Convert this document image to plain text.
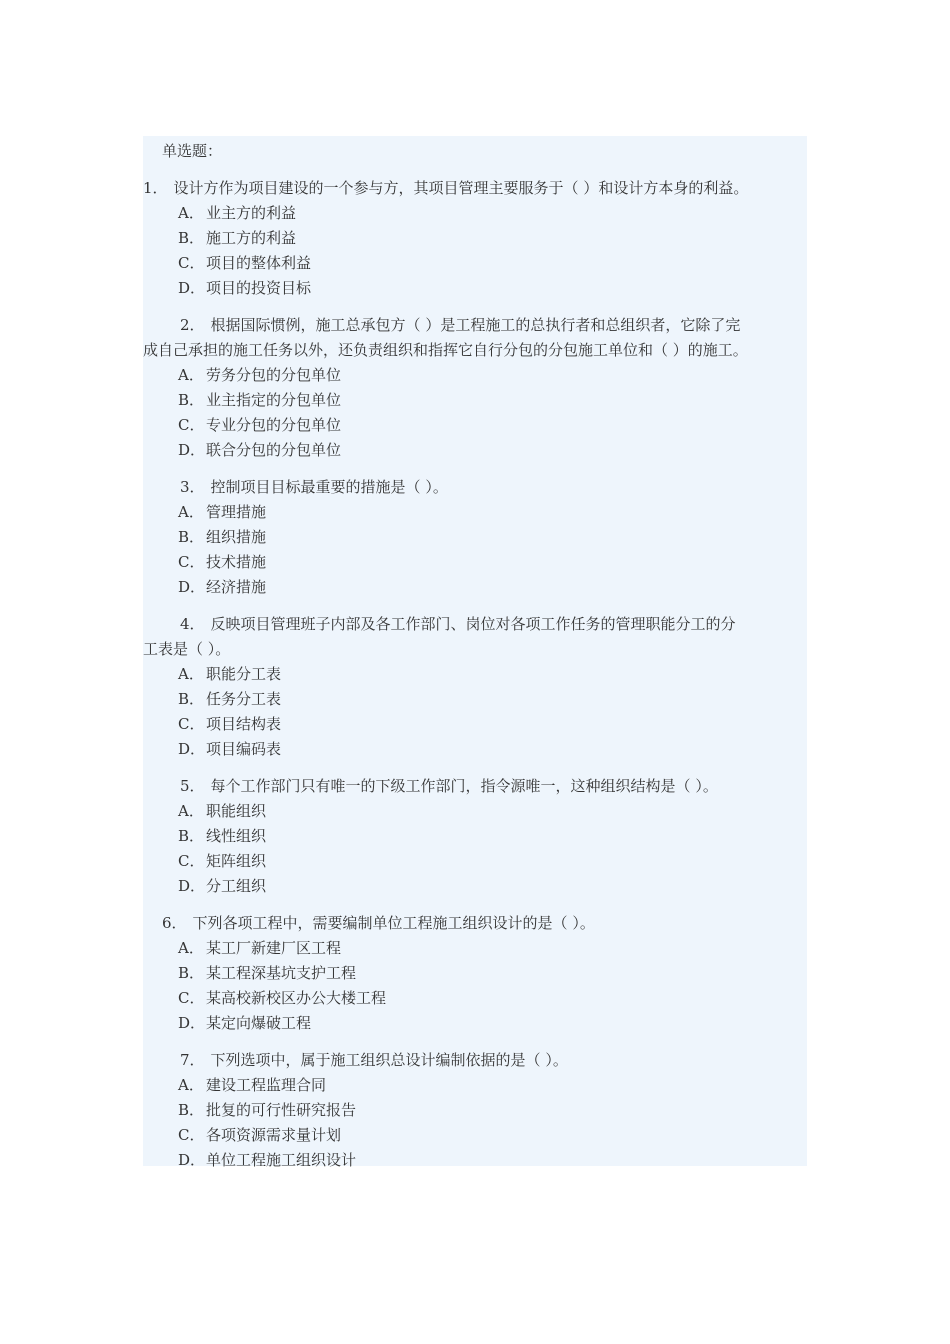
单选题：

1． 设计方作为项目建设的一个参与方，其项目管理主要服务于（ ）和设计方本身的利益。

A． 业主方的利益

B． 施工方的利益

C． 项目的整体利益

D．项目的投资目标

2． 根据国际惯例，施工总承包方（ ）是工程施工的总执行者和总组织者，它除了完
成自己承担的施工任务以外，还负责组织和指挥它自行分包的分包施工单位和（ ）的施工。

A． 劳务分包的分包单位

B． 业主指定的分包单位

C． 专业分包的分包单位

D．联合分包的分包单位

3． 控制项目目标最重要的措施是（ ）。

A． 管理措施

B． 组织措施

C． 技术措施

D．经济措施

4． 反映项目管理班子内部及各工作部门、岗位对各项工作任务的管理职能分工的分
工表是（ ）。

A． 职能分工表

B． 任务分工表

C． 项目结构表

D．项目编码表

5． 每个工作部门只有唯一的下级工作部门，指令源唯一，这种组织结构是（ ）。

A． 职能组织

B． 线性组织

C． 矩阵组织

D．分工组织

6． 下列各项工程中，需要编制单位工程施工组织设计的是（ ）。

A． 某工厂新建厂区工程

B． 某工程深基坑支护工程

C． 某高校新校区办公大楼工程

D．某定向爆破工程

7． 下列选项中，属于施工组织总设计编制依据的是（ ）。

A． 建设工程监理合同

B． 批复的可行性研究报告

C． 各项资源需求量计划

D．单位工程施工组织设计
